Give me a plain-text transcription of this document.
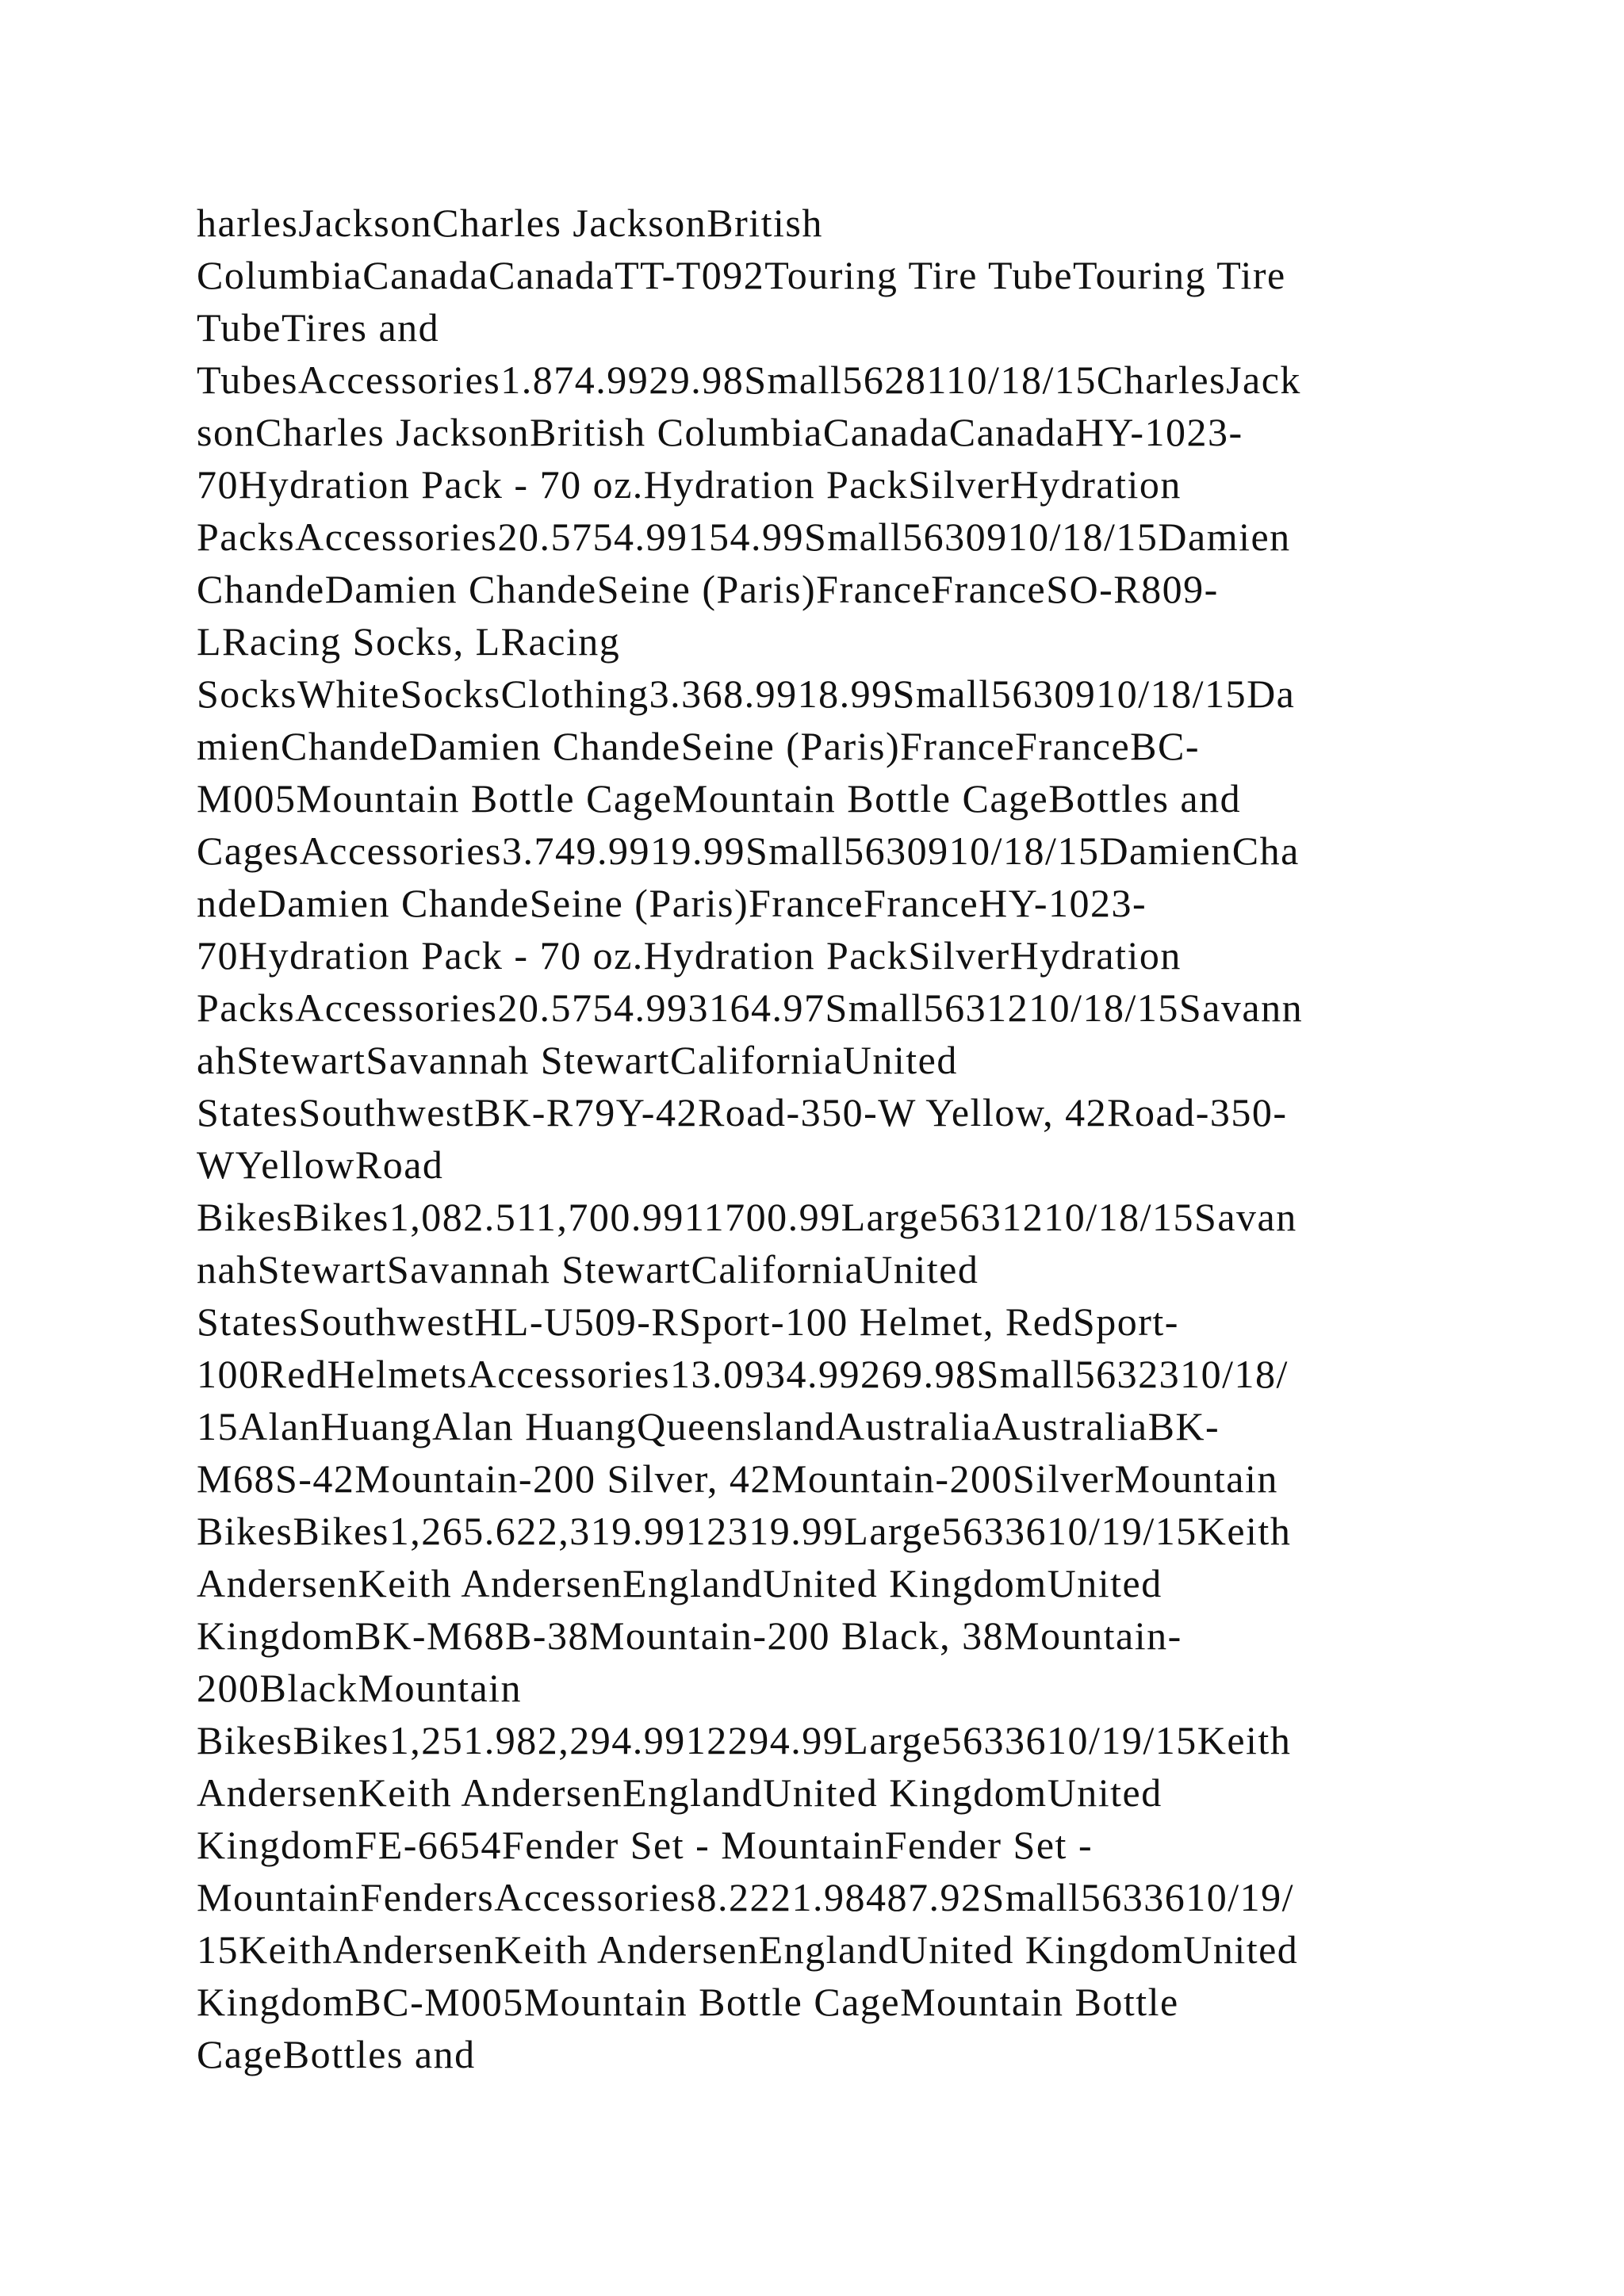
harlesJacksonCharles JacksonBritish
ColumbiaCanadaCanadaTT-T092Touring Tire TubeTouring Tire
TubeTires and
TubesAccessories1.874.9929.98Small5628110/18/15CharlesJack
sonCharles JacksonBritish ColumbiaCanadaCanadaHY-1023-
70Hydration Pack - 70 oz.Hydration PackSilverHydration
PacksAccessories20.5754.99154.99Small5630910/18/15Damien
ChandeDamien ChandeSeine (Paris)FranceFranceSO-R809-
LRacing Socks, LRacing
SocksWhiteSocksClothing3.368.9918.99Small5630910/18/15Da
mienChandeDamien ChandeSeine (Paris)FranceFranceBC-
M005Mountain Bottle CageMountain Bottle CageBottles and
CagesAccessories3.749.9919.99Small5630910/18/15DamienCha
ndeDamien ChandeSeine (Paris)FranceFranceHY-1023-
70Hydration Pack - 70 oz.Hydration PackSilverHydration
PacksAccessories20.5754.993164.97Small5631210/18/15Savann
ahStewartSavannah StewartCaliforniaUnited
StatesSouthwestBK-R79Y-42Road-350-W Yellow, 42Road-350-
WYellowRoad
BikesBikes1,082.511,700.9911700.99Large5631210/18/15Savan
nahStewartSavannah StewartCaliforniaUnited
StatesSouthwestHL-U509-RSport-100 Helmet, RedSport-
100RedHelmetsAccessories13.0934.99269.98Small5632310/18/
15AlanHuangAlan HuangQueenslandAustraliaAustraliaBK-
M68S-42Mountain-200 Silver, 42Mountain-200SilverMountain
BikesBikes1,265.622,319.9912319.99Large5633610/19/15Keith
AndersenKeith AndersenEnglandUnited KingdomUnited
KingdomBK-M68B-38Mountain-200 Black, 38Mountain-
200BlackMountain
BikesBikes1,251.982,294.9912294.99Large5633610/19/15Keith
AndersenKeith AndersenEnglandUnited KingdomUnited
KingdomFE-6654Fender Set - MountainFender Set -
MountainFendersAccessories8.2221.98487.92Small5633610/19/
15KeithAndersenKeith AndersenEnglandUnited KingdomUnited
KingdomBC-M005Mountain Bottle CageMountain Bottle
CageBottles and
